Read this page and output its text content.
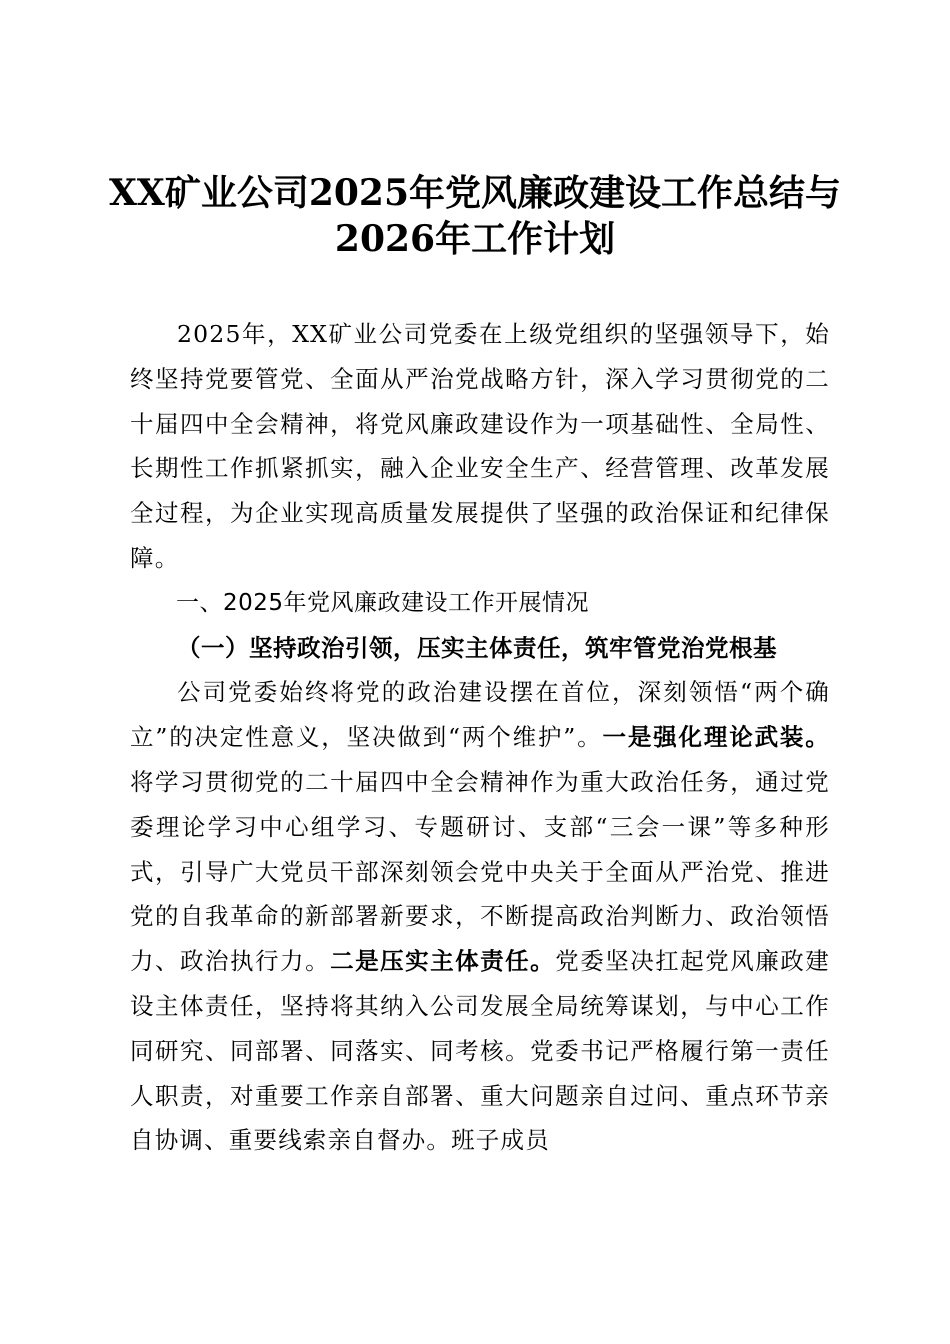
XX矿业公司2025年党风廉政建设工作总结与
2026年工作计划

2025年，XX矿业公司党委在上级党组织的坚强领导下，始终坚持党要管党、全面从严治党战略方针，深入学习贯彻党的二十届四中全会精神，将党风廉政建设作为一项基础性、全局性、长期性工作抓紧抓实，融入企业安全生产、经营管理、改革发展全过程，为企业实现高质量发展提供了坚强的政治保证和纪律保障。

一、2025年党风廉政建设工作开展情况

（一）坚持政治引领，压实主体责任，筑牢管党治党根基

公司党委始终将党的政治建设摆在首位，深刻领悟“两个确立”的决定性意义，坚决做到“两个维护”。一是强化理论武装。将学习贯彻党的二十届四中全会精神作为重大政治任务，通过党委理论学习中心组学习、专题研讨、支部“三会一课”等多种形式，引导广大党员干部深刻领会党中央关于全面从严治党、推进党的自我革命的新部署新要求，不断提高政治判断力、政治领悟力、政治执行力。二是压实主体责任。党委坚决扛起党风廉政建设主体责任，坚持将其纳入公司发展全局统筹谋划，与中心工作同研究、同部署、同落实、同考核。党委书记严格履行第一责任人职责，对重要工作亲自部署、重大问题亲自过问、重点环节亲自协调、重要线索亲自督办。班子成员
